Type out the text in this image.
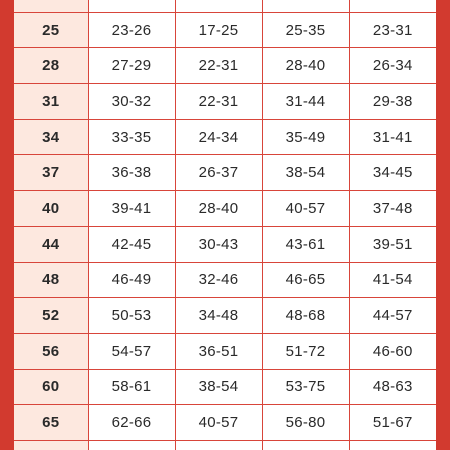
25	23-26	17-25	25-35	23-31
28	27-29	22-31	28-40	26-34
31	30-32	22-31	31-44	29-38
34	33-35	24-34	35-49	31-41
37	36-38	26-37	38-54	34-45
40	39-41	28-40	40-57	37-48
44	42-45	30-43	43-61	39-51
48	46-49	32-46	46-65	41-54
52	50-53	34-48	48-68	44-57
56	54-57	36-51	51-72	46-60
60	58-61	38-54	53-75	48-63
65	62-66	40-57	56-80	51-67
